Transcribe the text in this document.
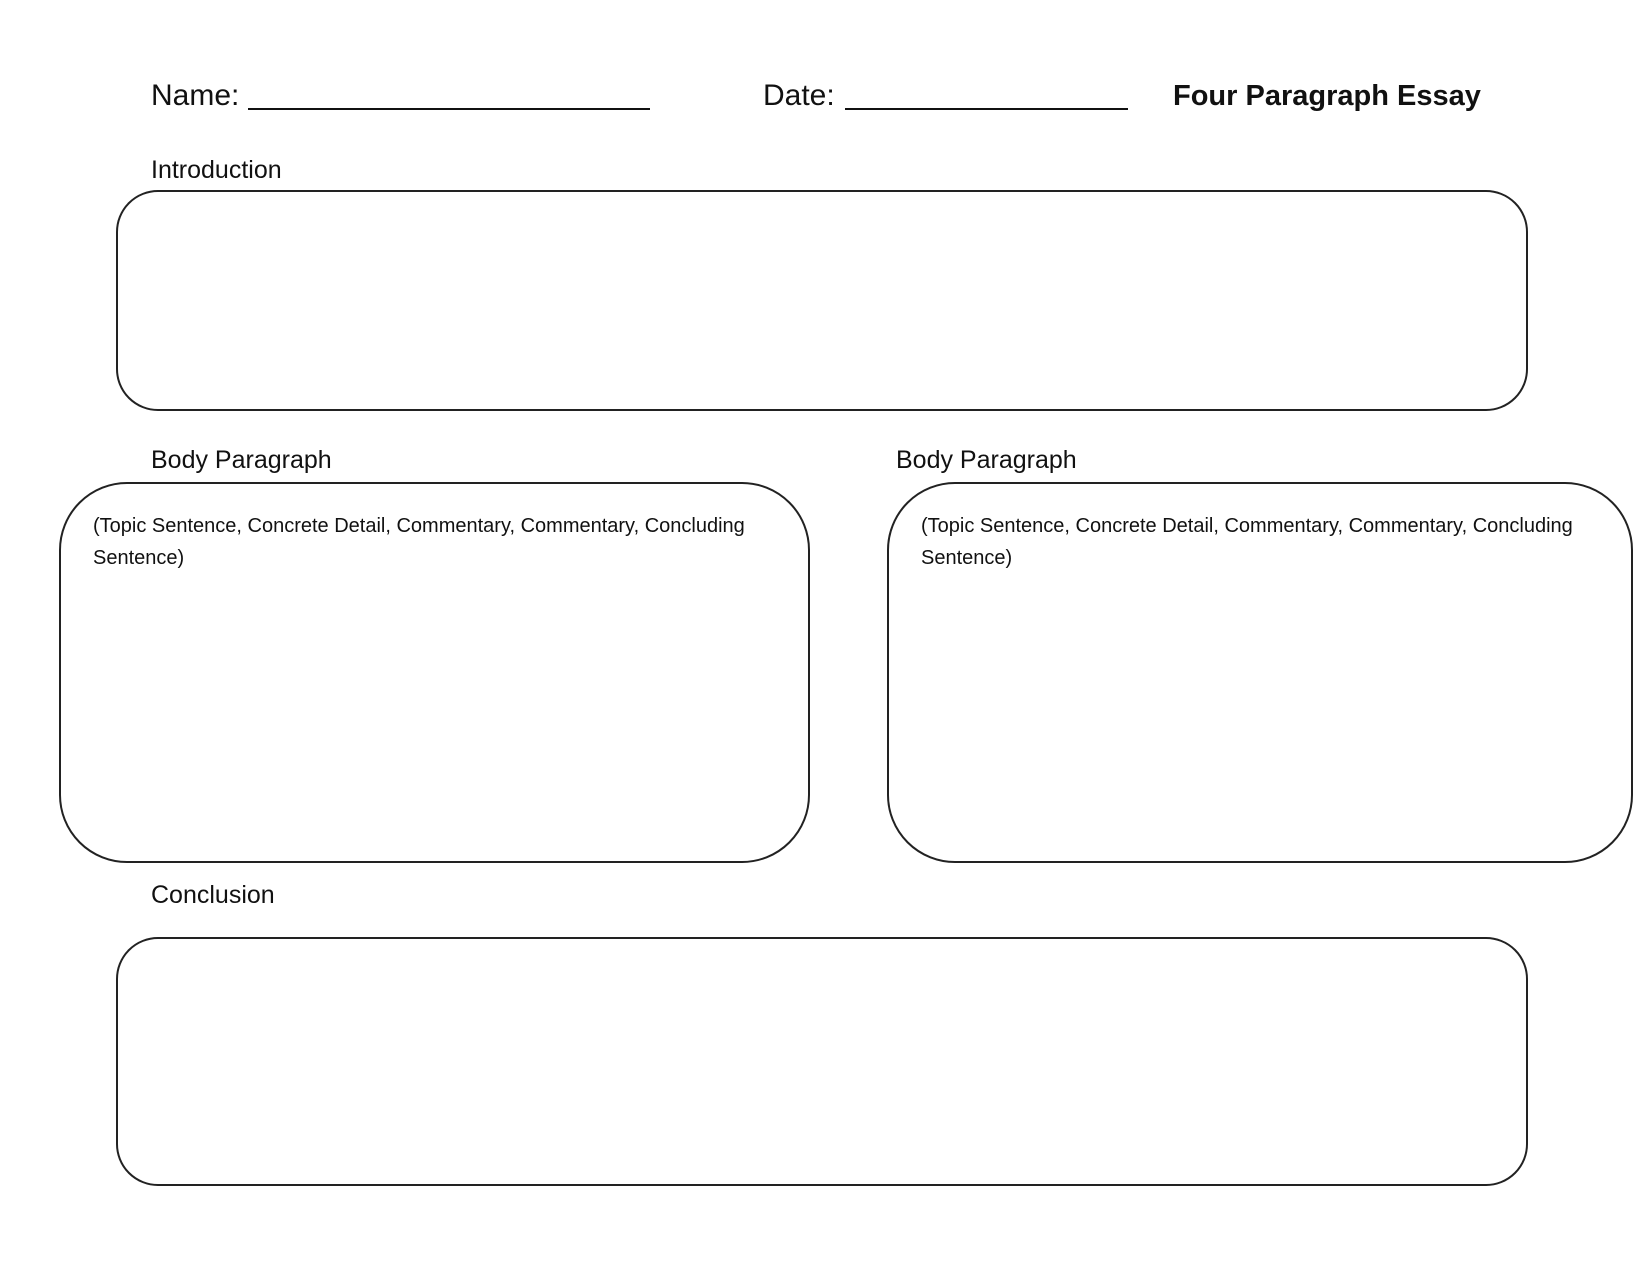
Name:	Date:	Four Paragraph Essay
Introduction
Body Paragraph
(Topic Sentence, Concrete Detail, Commentary, Commentary, Concluding Sentence)
Body Paragraph
(Topic Sentence, Concrete Detail, Commentary, Commentary, Concluding Sentence)
Conclusion
